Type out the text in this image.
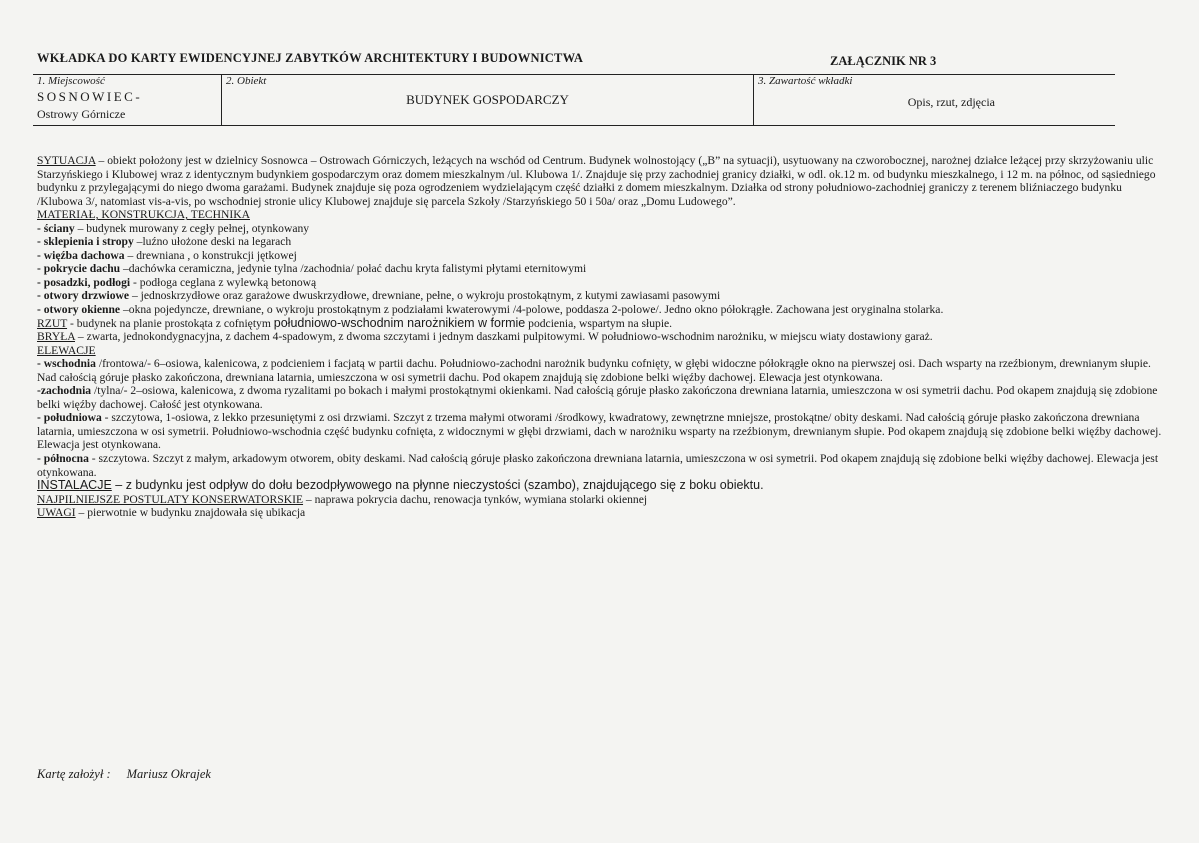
WKŁADKA DO KARTY EWIDENCYJNEJ ZABYTKÓW ARCHITEKTURY I BUDOWNICTWA	ZAŁĄCZNIK NR 3
1. Miejscowość
SOSNOWIEC-
Ostrowy Górnicze
2. Obiekt
BUDYNEK GOSPODARCZY
3. Zawartość wkładki
Opis, rzut, zdjęcia

SYTUACJA – obiekt położony jest w dzielnicy Sosnowca – Ostrowach Górniczych, leżących na wschód od Centrum. Budynek wolnostojący („B” na sytuacji), usytuowany na czworobocznej, narożnej działce leżącej przy skrzyżowaniu ulic Starzyńskiego i Klubowej wraz z identycznym budynkiem gospodarczym oraz domem mieszkalnym /ul. Klubowa 1/. Znajduje się przy zachodniej granicy działki, w odl. ok.12 m. od budynku mieszkalnego, i 12 m. na północ, od sąsiedniego budynku z przylegającymi do niego dwoma garażami. Budynek znajduje się poza ogrodzeniem wydzielającym część działki z domem mieszkalnym. Działka od strony południowo-zachodniej graniczy z terenem bliźniaczego budynku /Klubowa 3/, natomiast vis-a-vis, po wschodniej stronie ulicy Klubowej znajduje się parcela Szkoły /Starzyńskiego 50 i 50a/ oraz „Domu Ludowego”.

MATERIAŁ, KONSTRUKCJA, TECHNIKA

- ściany – budynek murowany z cegły pełnej, otynkowany

- sklepienia i stropy –luźno ułożone deski na legarach

- więźba dachowa – drewniana , o konstrukcji jętkowej

- pokrycie dachu –dachówka ceramiczna, jedynie tylna /zachodnia/ połać dachu kryta falistymi płytami eternitowymi

- posadzki, podłogi - podłoga ceglana z wylewką betonową

- otwory drzwiowe – jednoskrzydłowe oraz garażowe dwuskrzydłowe, drewniane, pełne, o wykroju prostokątnym, z kutymi zawiasami pasowymi

- otwory okienne –okna pojedyncze, drewniane, o wykroju prostokątnym z podziałami kwaterowymi /4-polowe, poddasza 2-polowe/. Jedno okno półokrągłe. Zachowana jest oryginalna stolarka.

RZUT - budynek na planie prostokąta z cofniętym południowo-wschodnim narożnikiem w formie podcienia, wspartym na słupie.

BRYŁA – zwarta, jednokondygnacyjna, z dachem 4-spadowym, z dwoma szczytami i jednym daszkami pulpitowymi. W południowo-wschodnim narożniku, w miejscu wiaty dostawiony garaż.

ELEWACJE

- wschodnia /frontowa/- 6–osiowa, kalenicowa, z podcieniem i facjatą w partii dachu. Południowo-zachodni narożnik budynku cofnięty, w głębi widoczne półokrągłe okno na pierwszej osi. Dach wsparty na rzeźbionym, drewnianym słupie. Nad całością góruje płasko zakończona, drewniana latarnia, umieszczona w osi symetrii dachu. Pod okapem znajdują się zdobione belki więźby dachowej. Elewacja jest otynkowana.

-zachodnia /tylna/- 2–osiowa, kalenicowa, z dwoma ryzalitami po bokach i małymi prostokątnymi okienkami. Nad całością góruje płasko zakończona drewniana latarnia, umieszczona w osi symetrii dachu. Pod okapem znajdują się zdobione belki więźby dachowej. Całość jest otynkowana.

- południowa - szczytowa, 1-osiowa, z lekko przesuniętymi z osi drzwiami. Szczyt z trzema małymi otworami /środkowy, kwadratowy, zewnętrzne mniejsze, prostokątne/ obity deskami. Nad całością góruje płasko zakończona drewniana latarnia, umieszczona w osi symetrii. Południowo-wschodnia część budynku cofnięta, z widocznymi w głębi drzwiami, dach w narożniku wsparty na rzeźbionym, drewnianym słupie. Pod okapem znajdują się zdobione belki więźby dachowej. Elewacja jest otynkowana.

- północna - szczytowa. Szczyt z małym, arkadowym otworem, obity deskami. Nad całością góruje płasko zakończona drewniana latarnia, umieszczona w osi symetrii. Pod okapem znajdują się zdobione belki więźby dachowej. Elewacja jest otynkowana.

INSTALACJE – z budynku jest odpływ do dołu bezodpływowego na płynne nieczystości (szambo), znajdującego się z boku obiektu.

NAJPILNIEJSZE POSTULATY KONSERWATORSKIE – naprawa pokrycia dachu, renowacja tynków, wymiana stolarki okiennej

UWAGI – pierwotnie w budynku znajdowała się ubikacja

Kartę założył : Mariusz Okrajek
